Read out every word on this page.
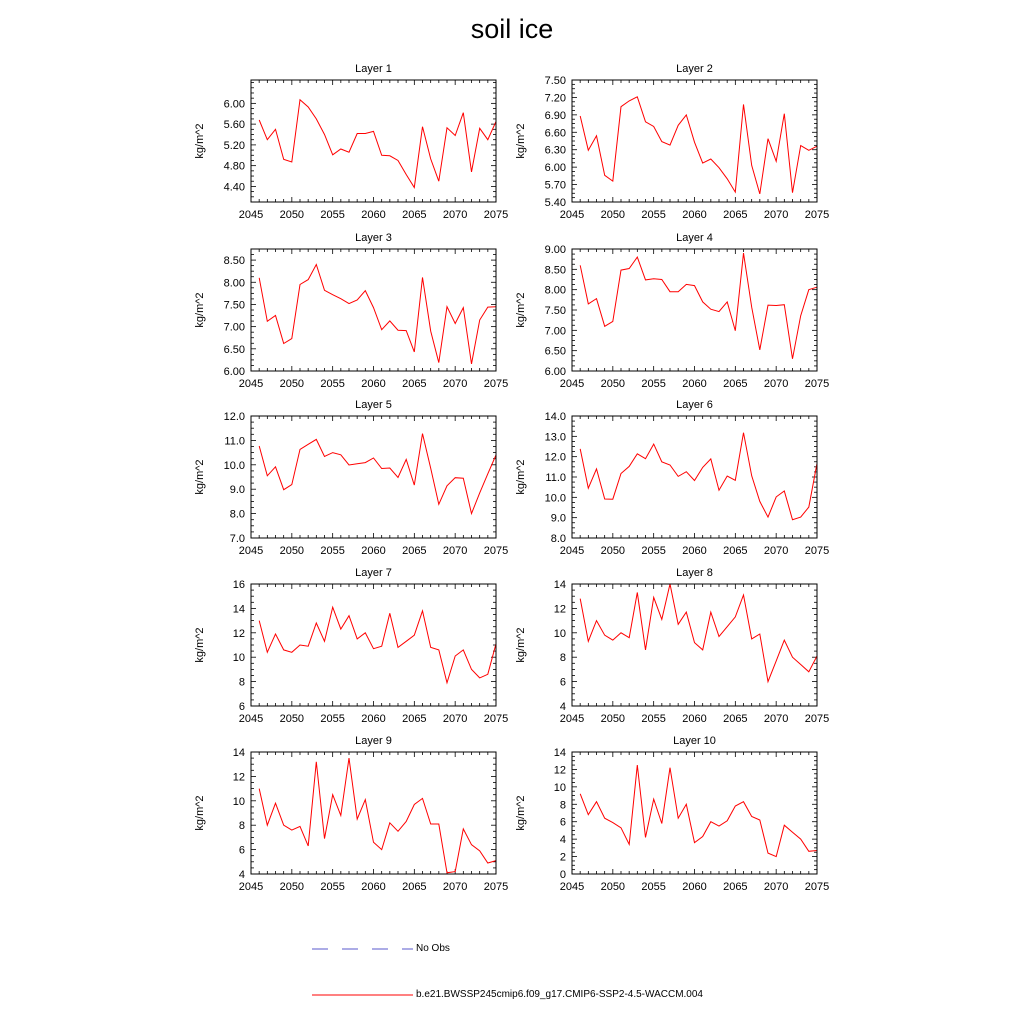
soil ice
Layer 1
kg/m^2
2045 2050 2055 2060 2065 2070 2075
4.40
4.80
5.20
5.60
6.00
Layer 2
kg/m^2
2045 2050 2055 2060 2065 2070 2075
5.40
5.70
6.00
6.30
6.60
6.90
7.20
7.50
Layer 3
kg/m^2
2045 2050 2055 2060 2065 2070 2075
6.00
6.50
7.00
7.50
8.00
8.50
Layer 4
kg/m^2
2045 2050 2055 2060 2065 2070 2075
6.00
6.50
7.00
7.50
8.00
8.50
9.00
Layer 5
kg/m^2
2045 2050 2055 2060 2065 2070 2075
7.0
8.0
9.0
10.0
11.0
12.0
Layer 6
kg/m^2
2045 2050 2055 2060 2065 2070 2075
8.0
9.0
10.0
11.0
12.0
13.0
14.0
Layer 7
kg/m^2
2045 2050 2055 2060 2065 2070 2075
6
8
10
12
14
16
Layer 8
kg/m^2
2045 2050 2055 2060 2065 2070 2075
4
6
8
10
12
14
Layer 9
kg/m^2
2045 2050 2055 2060 2065 2070 2075
4
6
8
10
12
14
Layer 10
kg/m^2
2045 2050 2055 2060 2065 2070 2075
0
2
4
6
8
10
12
14
No Obs
b.e21.BWSSP245cmip6.f09_g17.CMIP6-SSP2-4.5-WACCM.004
